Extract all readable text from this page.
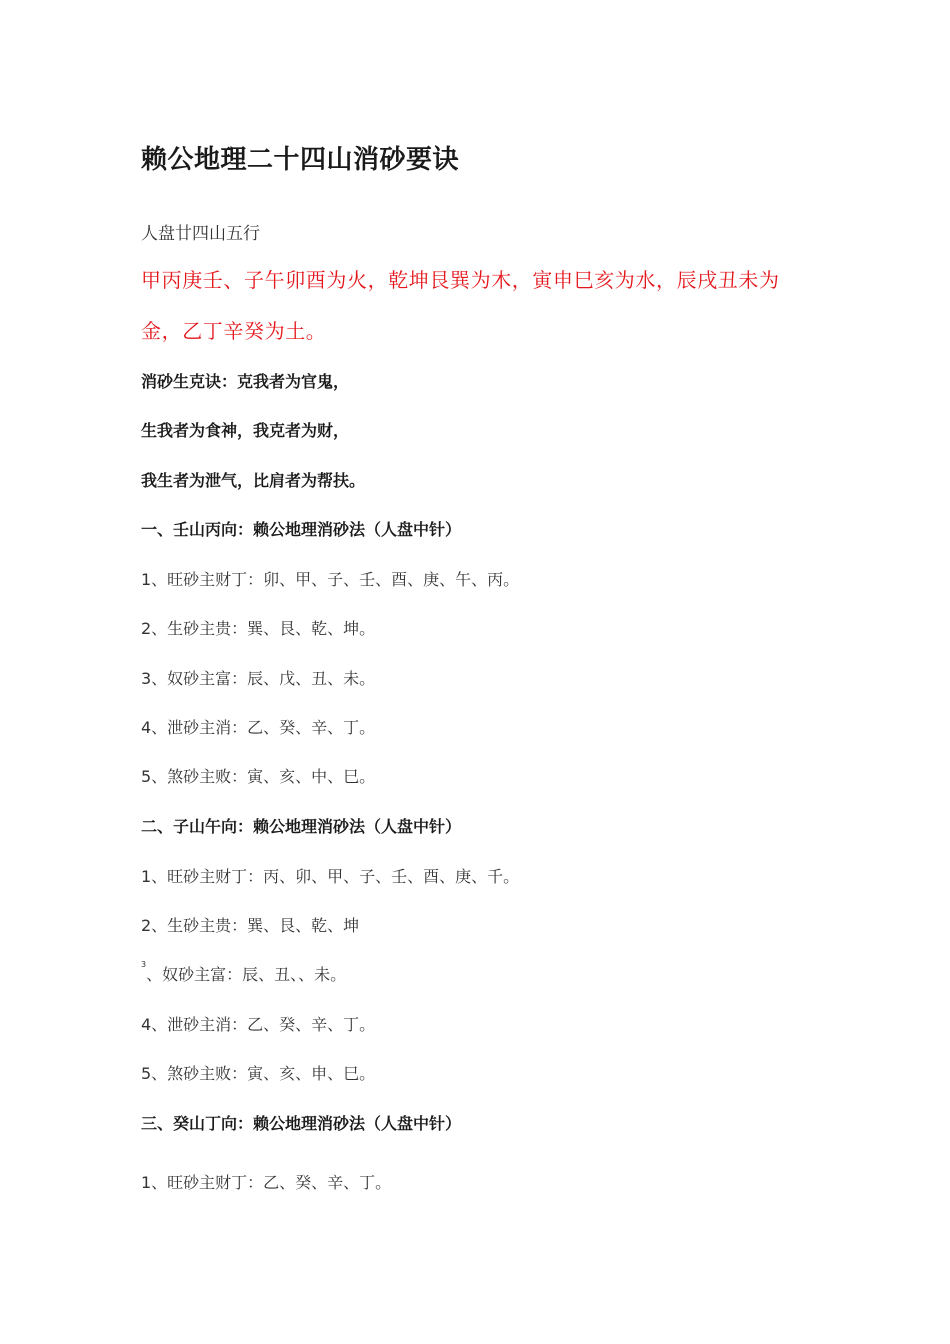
赖公地理二十四山消砂要诀
人盘廿四山五行
甲丙庚壬、子午卯酉为火，乾坤艮巽为木，寅申巳亥为水，辰戌丑未为
金，乙丁辛癸为土。
消砂生克诀：克我者为官鬼，
生我者为食神，我克者为财，
我生者为泄气，比肩者为帮扶。
一、壬山丙向：赖公地理消砂法（人盘中针）
1、旺砂主财丁：卯、甲、子、壬、酉、庚、午、丙。
2、生砂主贵：巽、艮、乾、坤。
3、奴砂主富：辰、戊、丑、未。
4、泄砂主消：乙、癸、辛、丁。
5、煞砂主败：寅、亥、中、巳。
二、子山午向：赖公地理消砂法（人盘中针）
1、旺砂主财丁：丙、卯、甲、子、壬、酉、庚、千。
2、生砂主贵：巽、艮、乾、坤
$^3$、奴砂主富：辰、丑、、未。
4、泄砂主消：乙、癸、辛、丁。
5、煞砂主败：寅、亥、申、巳。
三、癸山丁向：赖公地理消砂法（人盘中针）
1、旺砂主财丁：乙、癸、辛、丁。
